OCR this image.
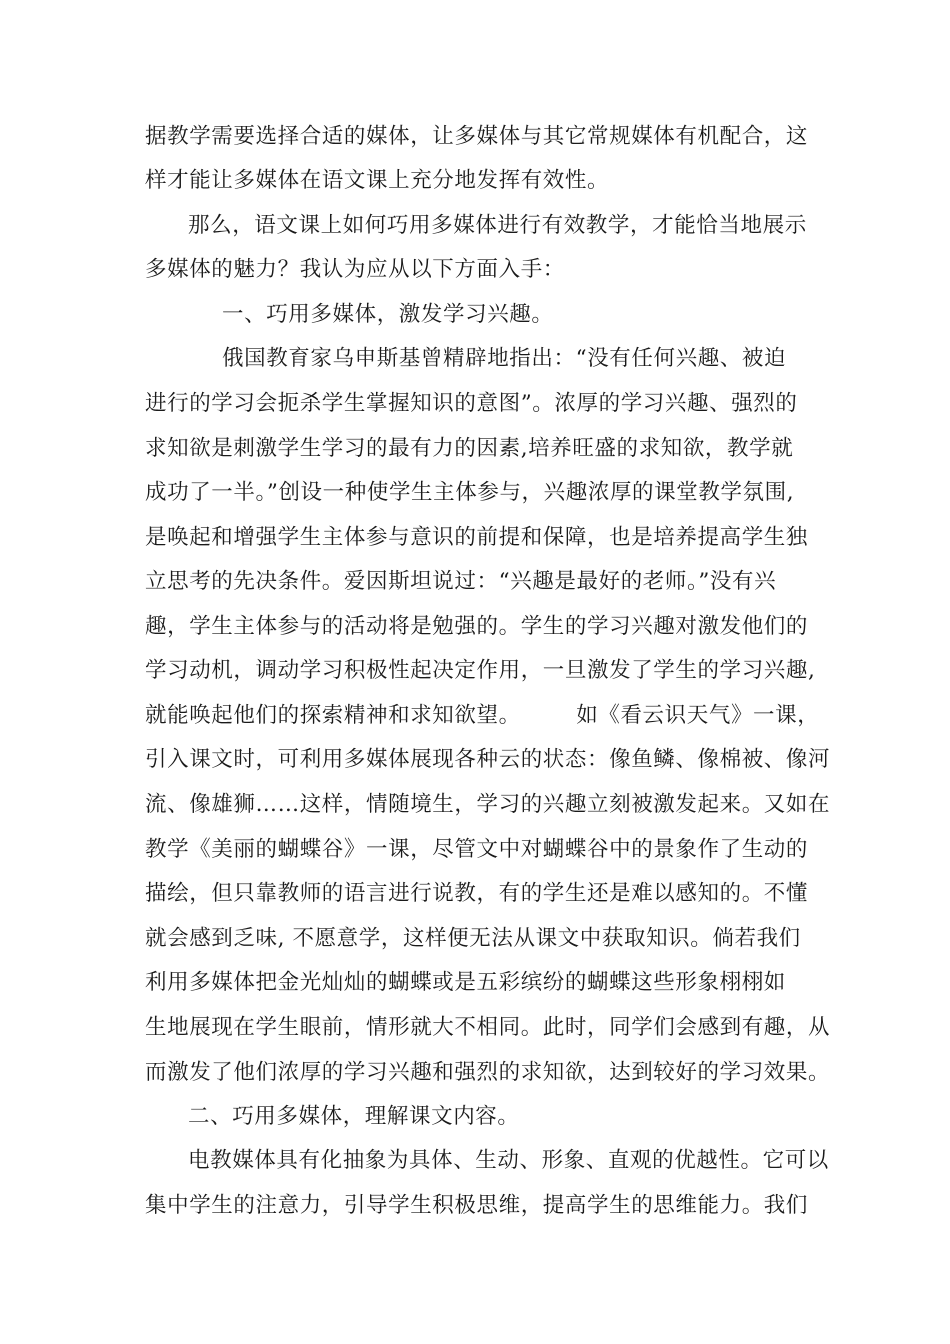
据教学需要选择合适的媒体，让多媒体与其它常规媒体有机配合，这
样才能让多媒体在语文课上充分地发挥有效性。
那么，语文课上如何巧用多媒体进行有效教学，才能恰当地展示
多媒体的魅力？我认为应从以下方面入手：
一、巧用多媒体，激发学习兴趣。
俄国教育家乌申斯基曾精辟地指出：“没有任何兴趣、被迫
进行的学习会扼杀学生掌握知识的意图”。浓厚的学习兴趣、强烈的
求知欲是刺激学生学习的最有力的因素,培养旺盛的求知欲，教学就
成功了一半。”创设一种使学生主体参与，兴趣浓厚的课堂教学氛围,
是唤起和增强学生主体参与意识的前提和保障，也是培养提高学生独
立思考的先决条件。爱因斯坦说过：“兴趣是最好的老师。”没有兴
趣，学生主体参与的活动将是勉强的。学生的学习兴趣对激发他们的
学习动机，调动学习积极性起决定作用，一旦激发了学生的学习兴趣,
就能唤起他们的探索精神和求知欲望。　　　如《看云识天气》一课，
引入课文时，可利用多媒体展现各种云的状态：像鱼鳞、像棉被、像河
流、像雄狮……这样，情随境生，学习的兴趣立刻被激发起来。又如在
教学《美丽的蝴蝶谷》一课，尽管文中对蝴蝶谷中的景象作了生动的
描绘，但只靠教师的语言进行说教，有的学生还是难以感知的。不懂
就会感到乏味, 不愿意学，这样便无法从课文中获取知识。倘若我们
利用多媒体把金光灿灿的蝴蝶或是五彩缤纷的蝴蝶这些形象栩栩如
生地展现在学生眼前，情形就大不相同。此时，同学们会感到有趣，从
而激发了他们浓厚的学习兴趣和强烈的求知欲，达到较好的学习效果。
二、巧用多媒体，理解课文内容。
电教媒体具有化抽象为具体、生动、形象、直观的优越性。它可以
集中学生的注意力，引导学生积极思维，提高学生的思维能力。我们
